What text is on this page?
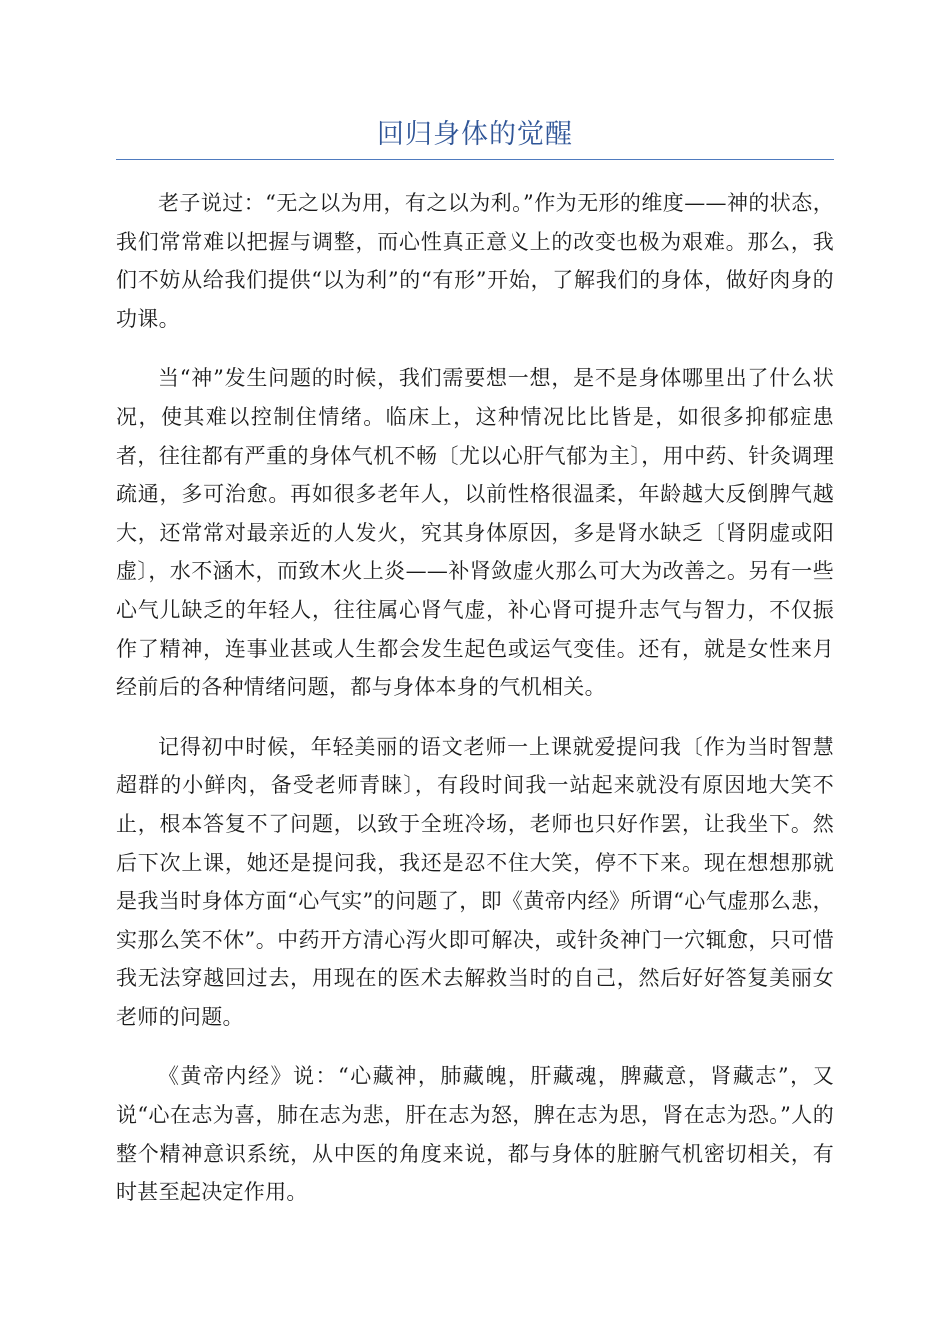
回归身体的觉醒

老子说过：“无之以为用，有之以为利。”作为无形的维度——神的状态，我们常常难以把握与调整，而心性真正意义上的改变也极为艰难。那么，我们不妨从给我们提供“以为利”的“有形”开始，了解我们的身体，做好肉身的功课。

当“神”发生问题的时候，我们需要想一想，是不是身体哪里出了什么状况，使其难以控制住情绪。临床上，这种情况比比皆是，如很多抑郁症患者，往往都有严重的身体气机不畅〔尤以心肝气郁为主〕，用中药、针灸调理疏通，多可治愈。再如很多老年人，以前性格很温柔，年龄越大反倒脾气越大，还常常对最亲近的人发火，究其身体原因，多是肾水缺乏〔肾阴虚或阳虚〕，水不涵木，而致木火上炎——补肾敛虚火那么可大为改善之。另有一些心气儿缺乏的年轻人，往往属心肾气虚，补心肾可提升志气与智力，不仅振作了精神，连事业甚或人生都会发生起色或运气变佳。还有，就是女性来月经前后的各种情绪问题，都与身体本身的气机相关。

记得初中时候，年轻美丽的语文老师一上课就爱提问我〔作为当时智慧超群的小鲜肉，备受老师青睐〕，有段时间我一站起来就没有原因地大笑不止，根本答复不了问题，以致于全班冷场，老师也只好作罢，让我坐下。然后下次上课，她还是提问我，我还是忍不住大笑，停不下来。现在想想那就是我当时身体方面“心气实”的问题了，即《黄帝内经》所谓“心气虚那么悲，实那么笑不休”。中药开方清心泻火即可解决，或针灸神门一穴辄愈，只可惜我无法穿越回过去，用现在的医术去解救当时的自己，然后好好答复美丽女老师的问题。

《黄帝内经》说：“心藏神，肺藏魄，肝藏魂，脾藏意，肾藏志”，又说“心在志为喜，肺在志为悲，肝在志为怒，脾在志为思，肾在志为恐。”人的整个精神意识系统，从中医的角度来说，都与身体的脏腑气机密切相关，有时甚至起决定作用。
